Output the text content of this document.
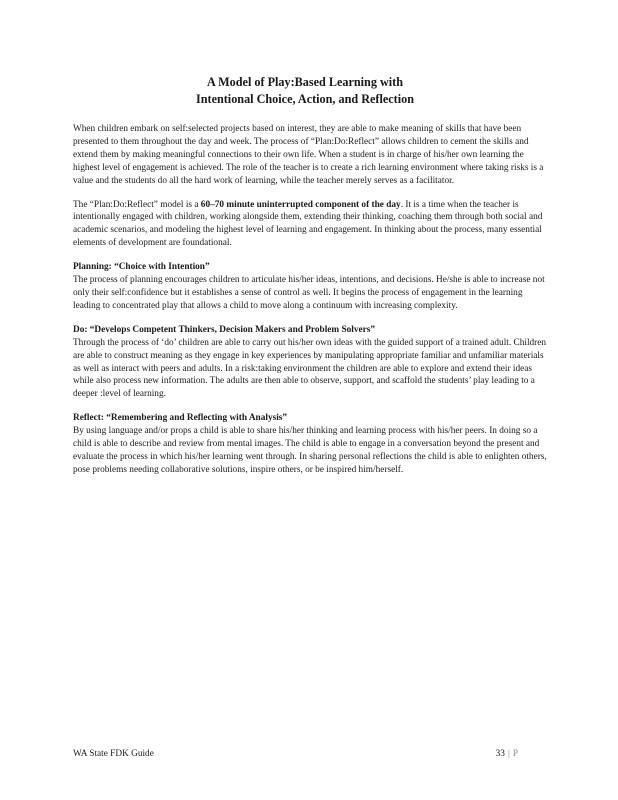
A Model of Play:Based Learning with
Intentional Choice, Action, and Reflection

When children embark on self:selected projects based on interest, they are able to make meaning of skills that have been presented to them throughout the day and week. The process of “Plan:Do:Reflect” allows children to cement the skills and extend them by making meaningful connections to their own life. When a student is in charge of his/her own learning the highest level of engagement is achieved. The role of the teacher is to create a rich learning environment where taking risks is a value and the students do all the hard work of learning, while the teacher merely serves as a facilitator.

The “Plan:Do:Reflect” model is a 60–70 minute uninterrupted component of the day. It is a time when the teacher is intentionally engaged with children, working alongside them, extending their thinking, coaching them through both social and academic scenarios, and modeling the highest level of learning and engagement. In thinking about the process, many essential elements of development are foundational.

Planning: “Choice with Intention”

The process of planning encourages children to articulate his/her ideas, intentions, and decisions. He/she is able to increase not only their self:confidence but it establishes a sense of control as well. It begins the process of engagement in the learning leading to concentrated play that allows a child to move along a continuum with increasing complexity.

Do: “Develops Competent Thinkers, Decision Makers and Problem Solvers”

Through the process of ‘do’ children are able to carry out his/her own ideas with the guided support of a trained adult. Children are able to construct meaning as they engage in key experiences by manipulating appropriate familiar and unfamiliar materials as well as interact with peers and adults. In a risk:taking environment the children are able to explore and extend their ideas while also process new information. The adults are then able to observe, support, and scaffold the students’ play leading to a deeper :level of learning.

Reflect: “Remembering and Reflecting with Analysis”

By using language and/or props a child is able to share his/her thinking and learning process with his/her peers. In doing so a child is able to describe and review from mental images. The child is able to engage in a conversation beyond the present and evaluate the process in which his/her learning went through. In sharing personal reflections the child is able to enlighten others, pose problems needing collaborative solutions, inspire others, or be inspired him/herself.

WA State FDK Guide	33 | P
